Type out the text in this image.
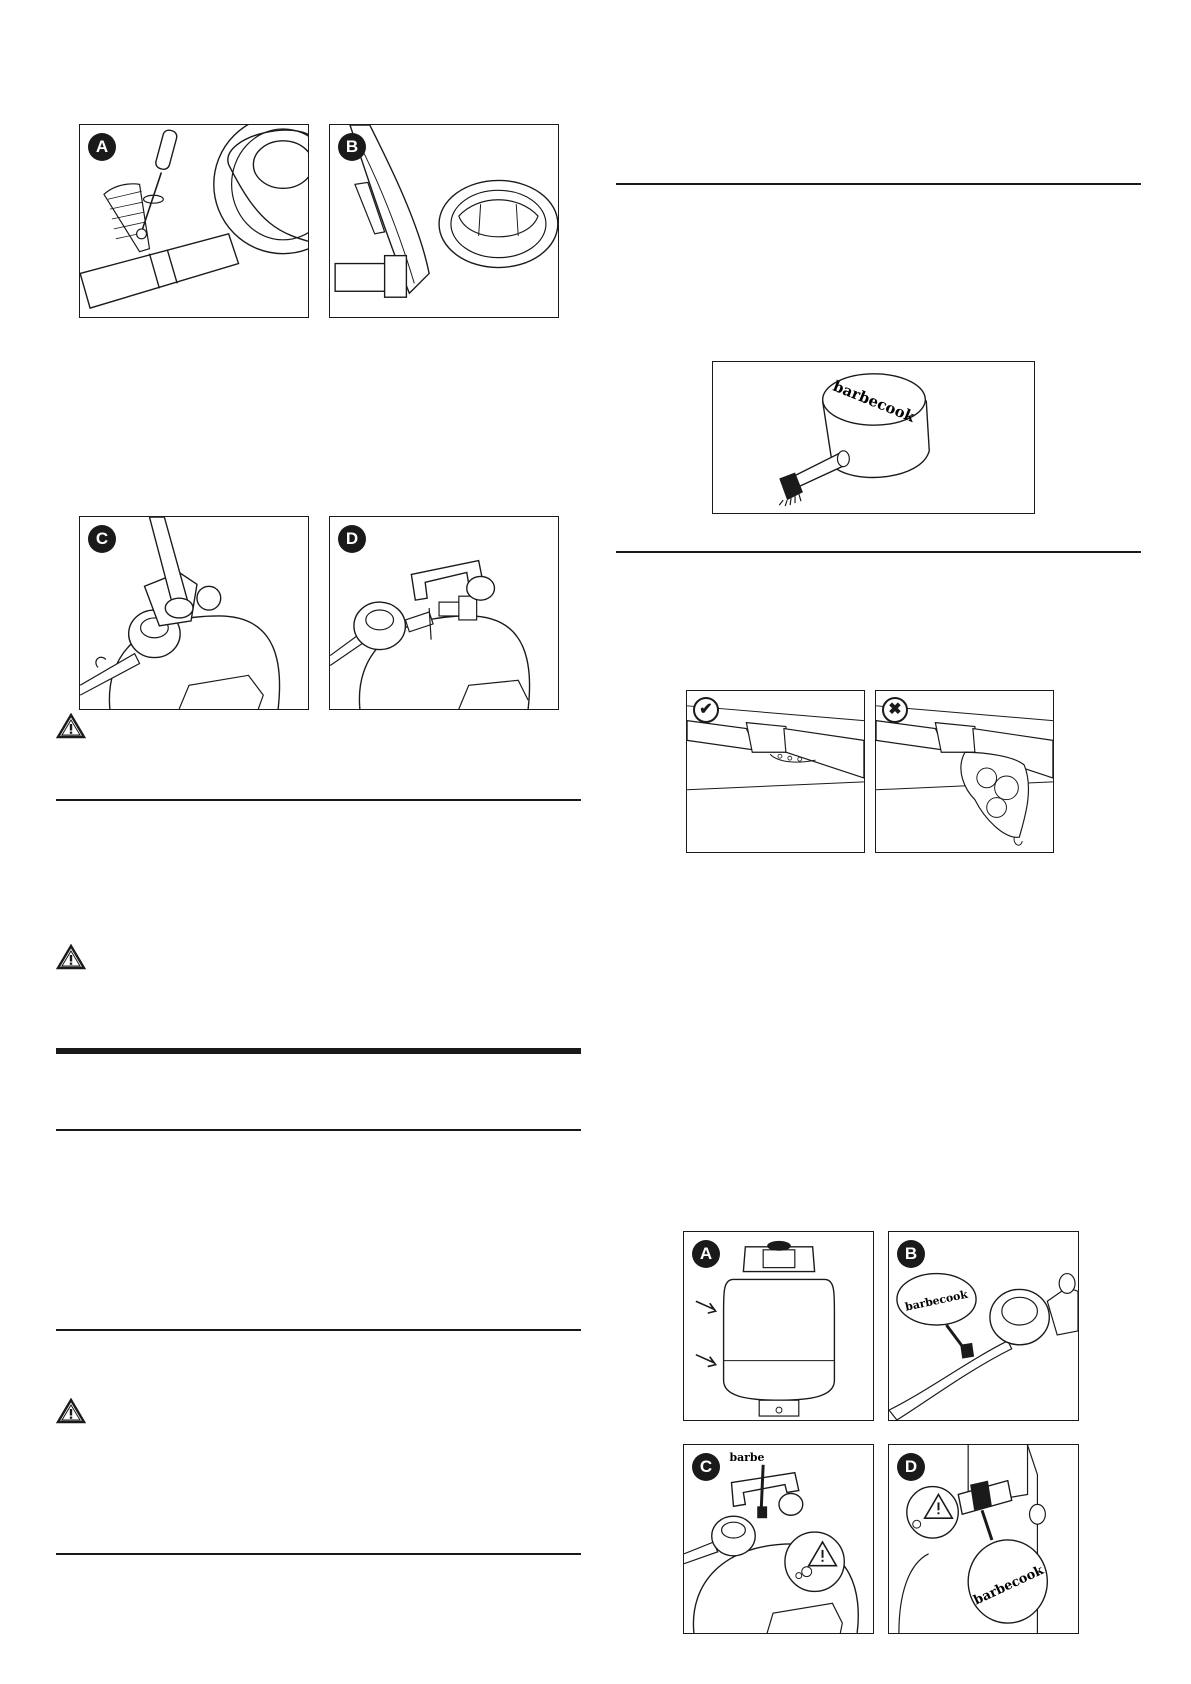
A	B
C	D
barbecook
✔	✖
A
barbecook
B
barbe
C
barbecook
D
